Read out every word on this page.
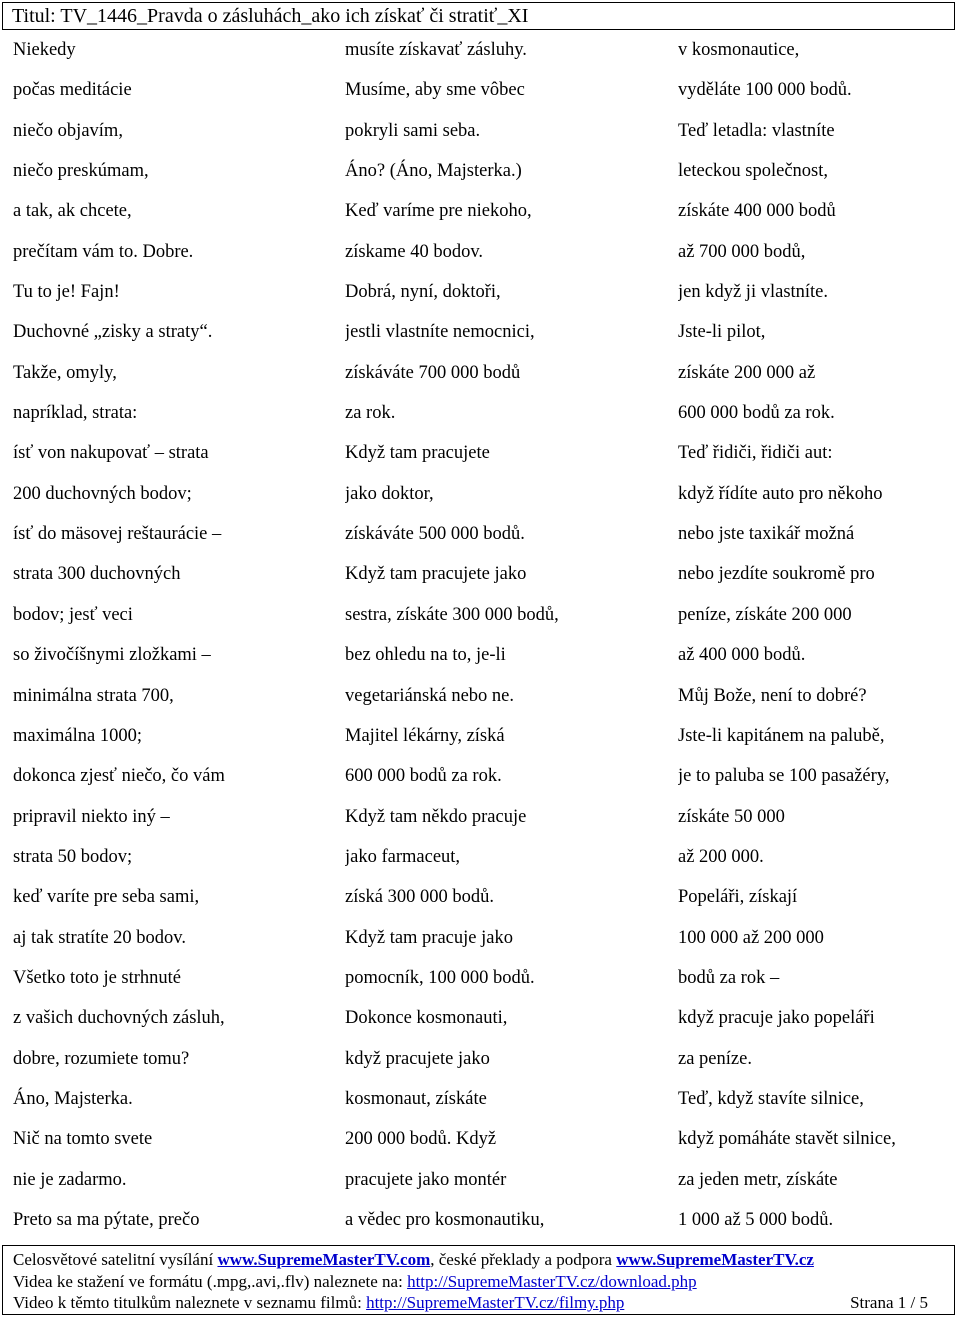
Titul: TV_1446_Pravda o zásluhách_ako ich získať či stratiť_XI
Niekedy
počas meditácie
niečo objavím,
niečo preskúmam,
a tak, ak chcete,
prečítam vám to. Dobre.
Tu to je! Fajn!
Duchovné „zisky a straty“.
Takže, omyly,
napríklad, strata:
ísť von nakupovať – strata
200 duchovných bodov;
ísť do mäsovej reštaurácie –
strata 300 duchovných
bodov; jesť veci
so živočíšnymi zložkami –
minimálna strata 700,
maximálna 1000;
dokonca zjesť niečo, čo vám
pripravil niekto iný –
strata 50 bodov;
keď varíte pre seba sami,
aj tak stratíte 20 bodov.
Všetko toto je strhnuté
z vašich duchovných zásluh,
dobre, rozumiete tomu?
Áno, Majsterka.
Nič na tomto svete
nie je zadarmo.
Preto sa ma pýtate, prečo
musíte získavať zásluhy.
Musíme, aby sme vôbec
pokryli sami seba.
Áno? (Áno, Majsterka.)
Keď varíme pre niekoho,
získame 40 bodov.
Dobrá, nyní, doktoři,
jestli vlastníte nemocnici,
získáváte 700 000 bodů
za rok.
Když tam pracujete
jako doktor,
získáváte 500 000 bodů.
Když tam pracujete jako
sestra, získáte 300 000 bodů,
bez ohledu na to, je-li
vegetariánská nebo ne.
Majitel lékárny, získá
600 000 bodů za rok.
Když tam někdo pracuje
jako farmaceut,
získá 300 000 bodů.
Když tam pracuje jako
pomocník, 100 000 bodů.
Dokonce kosmonauti,
když pracujete jako
kosmonaut, získáte
200 000 bodů. Když
pracujete jako montér
a vědec pro kosmonautiku,
v kosmonautice,
vyděláte 100 000 bodů.
Teď letadla: vlastníte
leteckou společnost,
získáte 400 000 bodů
až 700 000 bodů,
jen když ji vlastníte.
Jste-li pilot,
získáte 200 000 až
600 000 bodů za rok.
Teď řidiči, řidiči aut:
když řídíte auto pro někoho
nebo jste taxikář možná
nebo jezdíte soukromě pro
peníze, získáte 200 000
až 400 000 bodů.
Můj Bože, není to dobré?
Jste-li kapitánem na palubě,
je to paluba se 100 pasažéry,
získáte 50 000
až 200 000.
Popeláři, získají
100 000 až 200 000
bodů za rok –
když pracuje jako popeláři
za peníze.
Teď, když stavíte silnice,
když pomáháte stavět silnice,
za jeden metr, získáte
1 000 až 5 000 bodů.
Celosvětové satelitní vysílání www.SupremeMasterTV.com, české překlady a podpora www.SupremeMasterTV.cz
Videa ke stažení ve formátu (.mpg,.avi,.flv) naleznete na: http://SupremeMasterTV.cz/download.php
Video k těmto titulkům naleznete v seznamu filmů: http://SupremeMasterTV.cz/filmy.php	Strana 1 / 5
